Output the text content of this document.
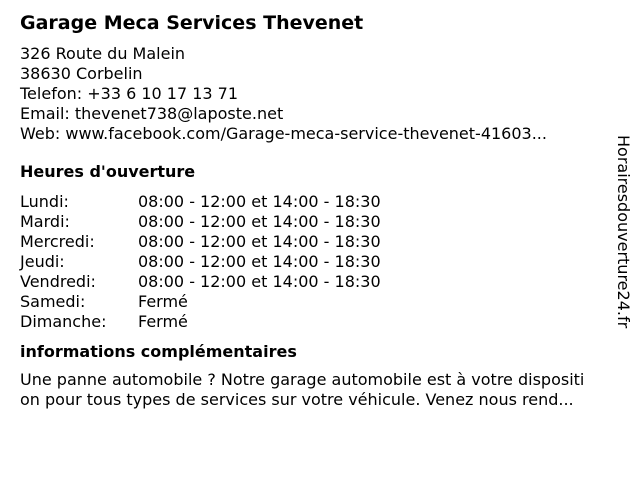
Garage Meca Services Thevenet
326 Route du Malein
38630 Corbelin
Telefon: +33 6 10 17 13 71
Email: thevenet738@laposte.net
Web: www.facebook.com/Garage-meca-service-thevenet-41603...
Heures d'ouverture
Lundi:	08:00 - 12:00 et 14:00 - 18:30
Mardi:	08:00 - 12:00 et 14:00 - 18:30
Mercredi:	08:00 - 12:00 et 14:00 - 18:30
Jeudi:	08:00 - 12:00 et 14:00 - 18:30
Vendredi:	08:00 - 12:00 et 14:00 - 18:30
Samedi:	Fermé
Dimanche:	Fermé
informations complémentaires
Une panne automobile ? Notre garage automobile est à votre dispositi
on pour tous types de services sur votre véhicule. Venez nous rend...
Horairesdouverture24.fr
